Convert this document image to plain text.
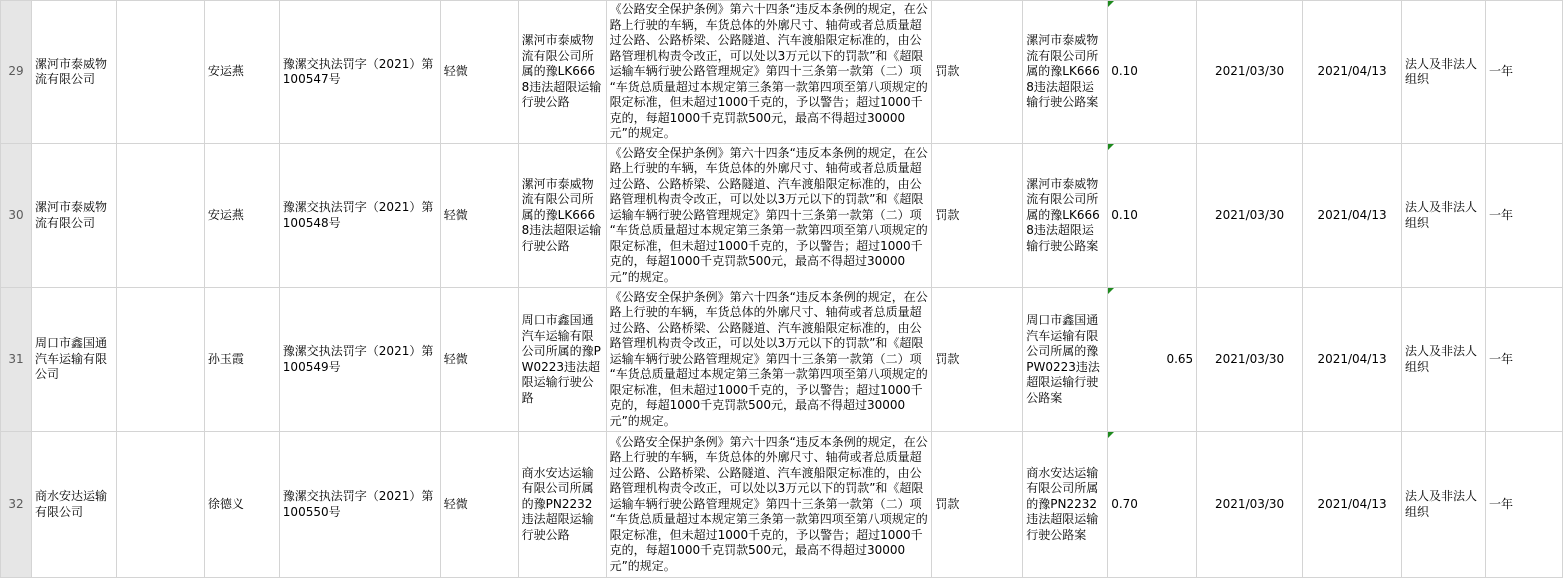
29	漯河市泰威物流有限公司		安运燕	豫漯交执法罚字（2021）第100547号	轻微	漯河市泰威物流有限公司所属的豫LK6668违法超限运输行驶公路	《公路安全保护条例》第六十四条“违反本条例的规定，在公路上行驶的车辆，车货总体的外廓尺寸、轴荷或者总质量超过公路、公路桥梁、公路隧道、汽车渡船限定标准的，由公路管理机构责令改正，可以处以3万元以下的罚款”和《超限运输车辆行驶公路管理规定》第四十三条第一款第（二）项 “车货总质量超过本规定第三条第一款第四项至第八项规定的限定标准，但未超过1000千克的，予以警告；超过1000千克的，每超1000千克罚款500元，最高不得超过30000元”的规定。	罚款	漯河市泰威物流有限公司所属的豫LK6668违法超限运输行驶公路案	0.10	2021/03/30	2021/04/13	法人及非法人组织	一年
30	漯河市泰威物流有限公司		安运燕	豫漯交执法罚字（2021）第100548号	轻微	漯河市泰威物流有限公司所属的豫LK6668违法超限运输行驶公路	《公路安全保护条例》第六十四条“违反本条例的规定，在公路上行驶的车辆，车货总体的外廓尺寸、轴荷或者总质量超过公路、公路桥梁、公路隧道、汽车渡船限定标准的，由公路管理机构责令改正，可以处以3万元以下的罚款”和《超限运输车辆行驶公路管理规定》第四十三条第一款第（二）项 “车货总质量超过本规定第三条第一款第四项至第八项规定的限定标准，但未超过1000千克的，予以警告；超过1000千克的，每超1000千克罚款500元，最高不得超过30000元”的规定。	罚款	漯河市泰威物流有限公司所属的豫LK6668违法超限运输行驶公路案	0.10	2021/03/30	2021/04/13	法人及非法人组织	一年
31	周口市鑫国通汽车运输有限公司		孙玉霞	豫漯交执法罚字（2021）第100549号	轻微	周口市鑫国通汽车运输有限公司所属的豫PW0223违法超限运输行驶公路	《公路安全保护条例》第六十四条“违反本条例的规定，在公路上行驶的车辆，车货总体的外廓尺寸、轴荷或者总质量超过公路、公路桥梁、公路隧道、汽车渡船限定标准的，由公路管理机构责令改正，可以处以3万元以下的罚款”和《超限运输车辆行驶公路管理规定》第四十三条第一款第（二）项 “车货总质量超过本规定第三条第一款第四项至第八项规定的限定标准，但未超过1000千克的，予以警告；超过1000千克的，每超1000千克罚款500元，最高不得超过30000元”的规定。	罚款	周口市鑫国通汽车运输有限公司所属的豫PW0223违法超限运输行驶公路案	0.65	2021/03/30	2021/04/13	法人及非法人组织	一年
32	商水安达运输有限公司		徐德义	豫漯交执法罚字（2021）第100550号	轻微	商水安达运输有限公司所属的豫PN2232违法超限运输行驶公路	《公路安全保护条例》第六十四条“违反本条例的规定，在公路上行驶的车辆，车货总体的外廓尺寸、轴荷或者总质量超过公路、公路桥梁、公路隧道、汽车渡船限定标准的，由公路管理机构责令改正，可以处以3万元以下的罚款”和《超限运输车辆行驶公路管理规定》第四十三条第一款第（二）项 “车货总质量超过本规定第三条第一款第四项至第八项规定的限定标准，但未超过1000千克的，予以警告；超过1000千克的，每超1000千克罚款500元，最高不得超过30000元”的规定。	罚款	商水安达运输有限公司所属的豫PN2232违法超限运输行驶公路案	0.70	2021/03/30	2021/04/13	法人及非法人组织	一年
